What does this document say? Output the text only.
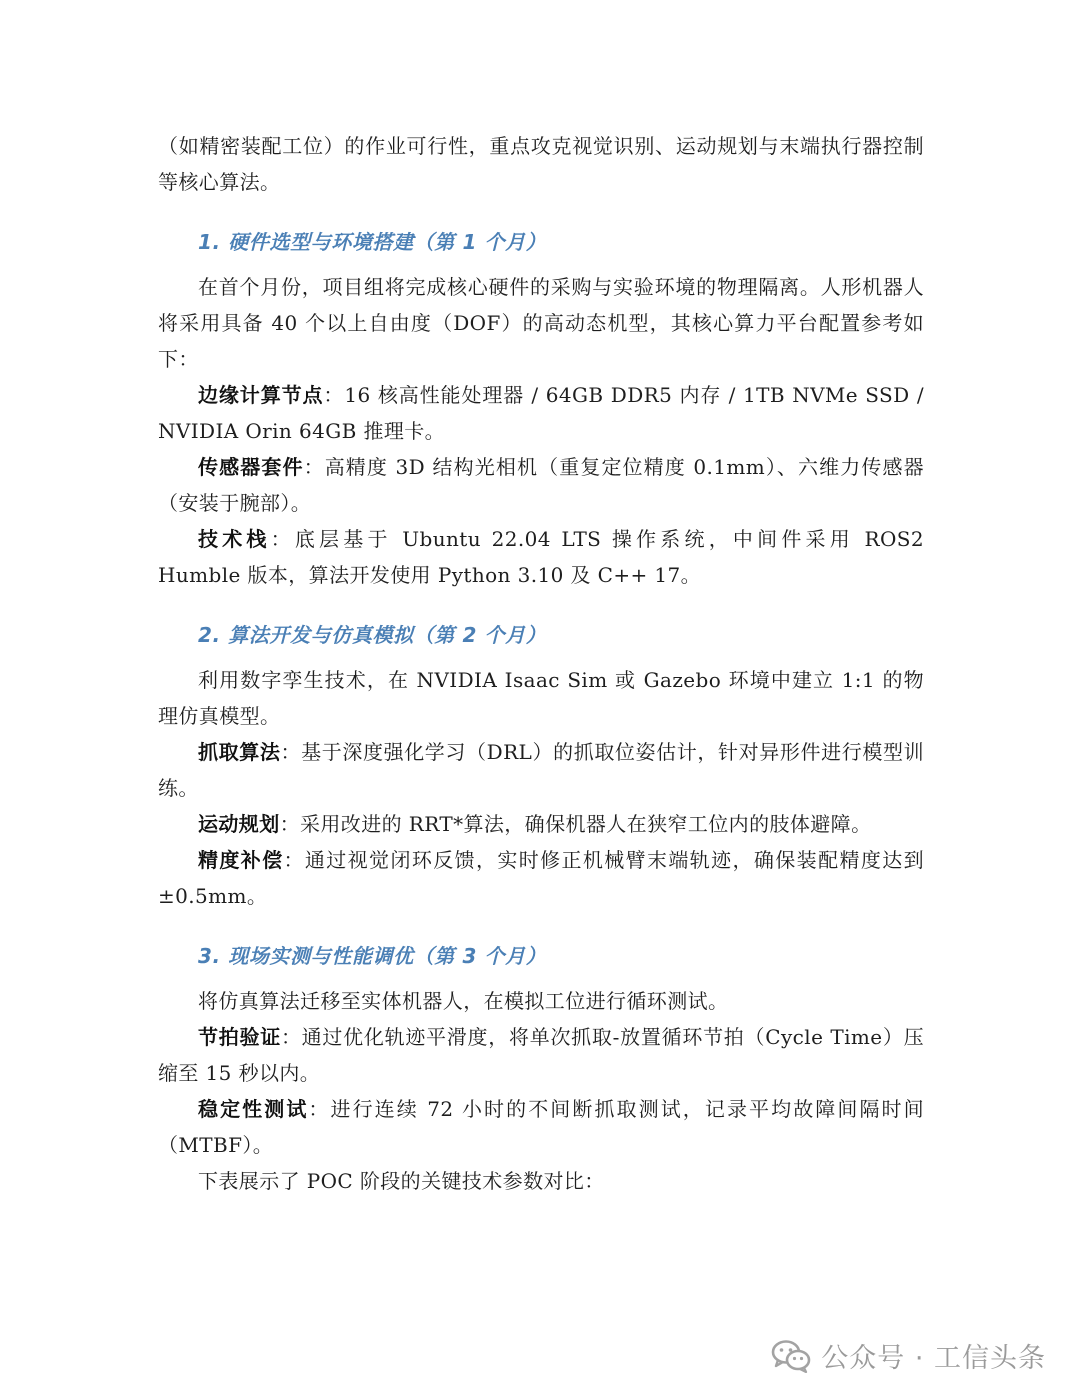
（如精密装配工位）的作业可行性，重点攻克视觉识别、运动规划与末端执行器控制等核心算法。

1. 硬件选型与环境搭建（第 1 个月）

在首个月份，项目组将完成核心硬件的采购与实验环境的物理隔离。人形机器人将采用具备 40 个以上自由度（DOF）的高动态机型，其核心算力平台配置参考如下：

边缘计算节点：16 核高性能处理器 / 64GB DDR5 内存 / 1TB NVMe SSD / NVIDIA Orin 64GB 推理卡。

传感器套件：高精度 3D 结构光相机（重复定位精度 0.1mm）、六维力传感器（安装于腕部）。

技术栈：底层基于 Ubuntu 22.04 LTS 操作系统，中间件采用 ROS2 Humble 版本，算法开发使用 Python 3.10 及 C++ 17。

2. 算法开发与仿真模拟（第 2 个月）

利用数字孪生技术，在 NVIDIA Isaac Sim 或 Gazebo 环境中建立 1:1 的物理仿真模型。

抓取算法：基于深度强化学习（DRL）的抓取位姿估计，针对异形件进行模型训练。

运动规划：采用改进的 RRT*算法，确保机器人在狭窄工位内的肢体避障。

精度补偿：通过视觉闭环反馈，实时修正机械臂末端轨迹，确保装配精度达到±0.5mm。

3. 现场实测与性能调优（第 3 个月）

将仿真算法迁移至实体机器人，在模拟工位进行循环测试。

节拍验证：通过优化轨迹平滑度，将单次抓取-放置循环节拍（Cycle Time）压缩至 15 秒以内。

稳定性测试：进行连续 72 小时的不间断抓取测试，记录平均故障间隔时间（MTBF）。

下表展示了 POC 阶段的关键技术参数对比：

公众号 · 工信头条
